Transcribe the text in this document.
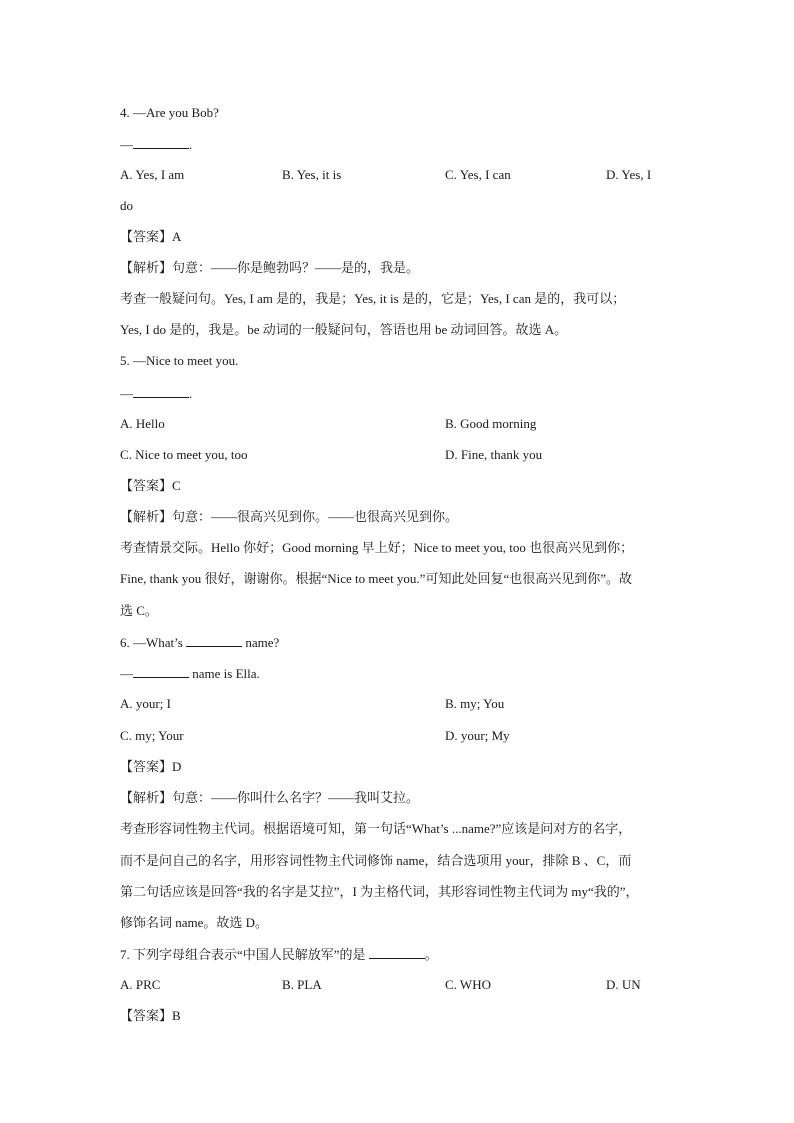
4. —Are you Bob?
—	.
A. Yes, I am	B. Yes, it is	C. Yes, I can	D. Yes, I
do
【答案】A
【解析】句意：——你是鲍勃吗？——是的，我是。
考查一般疑问句。Yes, I am 是的，我是；Yes, it is 是的，它是；Yes, I can 是的，我可以；
Yes, I do 是的，我是。be 动词的一般疑问句，答语也用 be 动词回答。故选 A。
5. —Nice to meet you.
—	.
A. Hello	B. Good morning
C. Nice to meet you, too	D. Fine, thank you
【答案】C
【解析】句意：——很高兴见到你。——也很高兴见到你。
考查情景交际。Hello 你好；Good morning 早上好；Nice to meet you, too 也很高兴见到你；
Fine, thank you 很好，谢谢你。根据“Nice to meet you.”可知此处回复“也很高兴见到你”。故
选 C。
6. —What’s	name?
—	name is Ella.
A. your; I	B. my; You
C. my; Your	D. your; My
【答案】D
【解析】句意：——你叫什么名字？——我叫艾拉。
考查形容词性物主代词。根据语境可知，第一句话“What’s ...name?”应该是问对方的名字，
而不是问自己的名字，用形容词性物主代词修饰 name，结合选项用 your，排除 B 、C，而
第二句话应该是回答“我的名字是艾拉”，I 为主格代词，其形容词性物主代词为 my“我的”，
修饰名词 name。故选 D。
7. 下列字母组合表示“中国人民解放军”的是	。
A. PRC	B. PLA	C. WHO	D. UN
【答案】B
